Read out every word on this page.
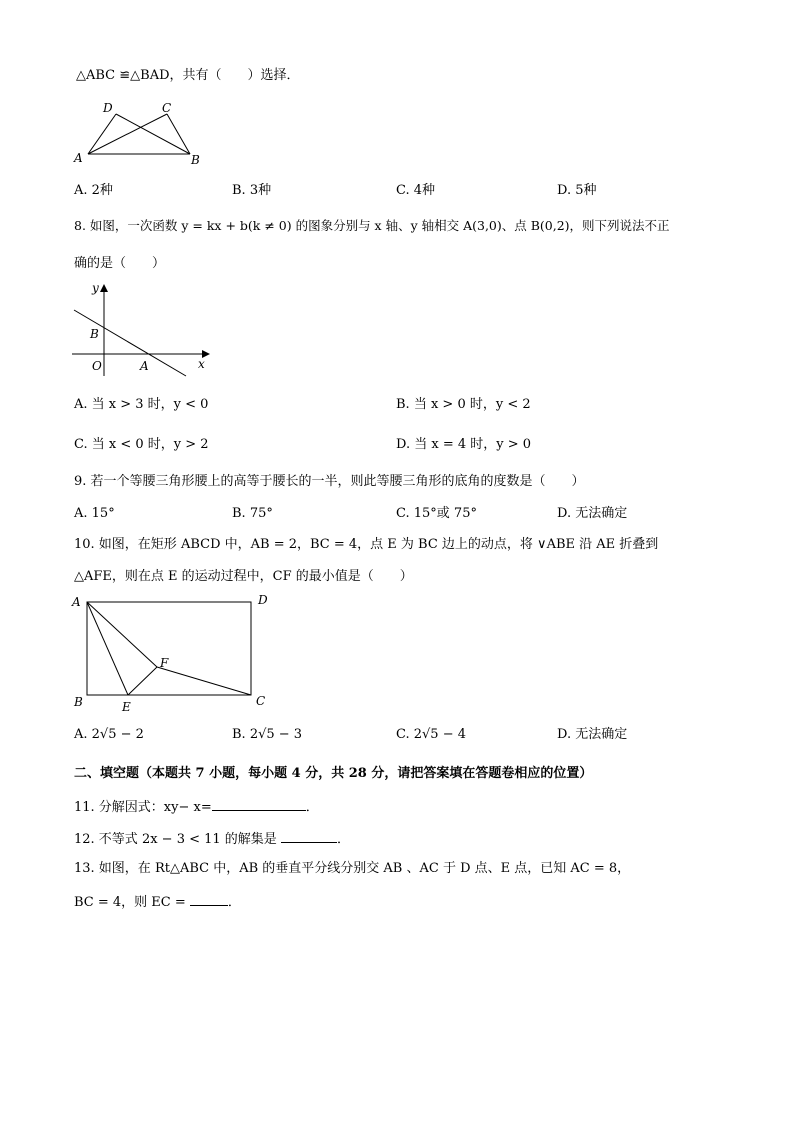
△ABC ≌△BAD，共有（　　）选择．
D	C
A	B
A. 2种	B. 3种	C. 4种	D. 5种
8. 如图，一次函数 y = kx + b(k ≠ 0) 的图象分别与 x 轴、y 轴相交 A(3,0)、点 B(0,2)，则下列说法不正
确的是（　　）
y
x
B
O	A
A. 当 x > 3 时，y < 0	B. 当 x > 0 时，y < 2
C. 当 x < 0 时，y > 2	D. 当 x = 4 时，y > 0
9. 若一个等腰三角形腰上的高等于腰长的一半，则此等腰三角形的底角的度数是（　　）
A. 15°	B. 75°	C. 15°或 75°	D. 无法确定
10. 如图，在矩形 ABCD 中，AB = 2，BC = 4，点 E 为 BC 边上的动点，将 ∨ABE 沿 AE 折叠到
△AFE，则在点 E 的运动过程中，CF 的最小值是（　　）
A	D
F
B	E	C
A. 2√5 − 2	B. 2√5 − 3	C. 2√5 − 4	D. 无法确定
二、填空题（本题共 7 小题，每小题 4 分，共 28 分，请把答案填在答题卷相应的位置）
11. 分解因式：xy− x=	．
12. 不等式 2x − 3 < 11 的解集是	．
13. 如图，在 Rt△ABC 中，AB 的垂直平分线分别交 AB 、AC 于 D 点、E 点，已知 AC = 8，
BC = 4，则 EC =	．
